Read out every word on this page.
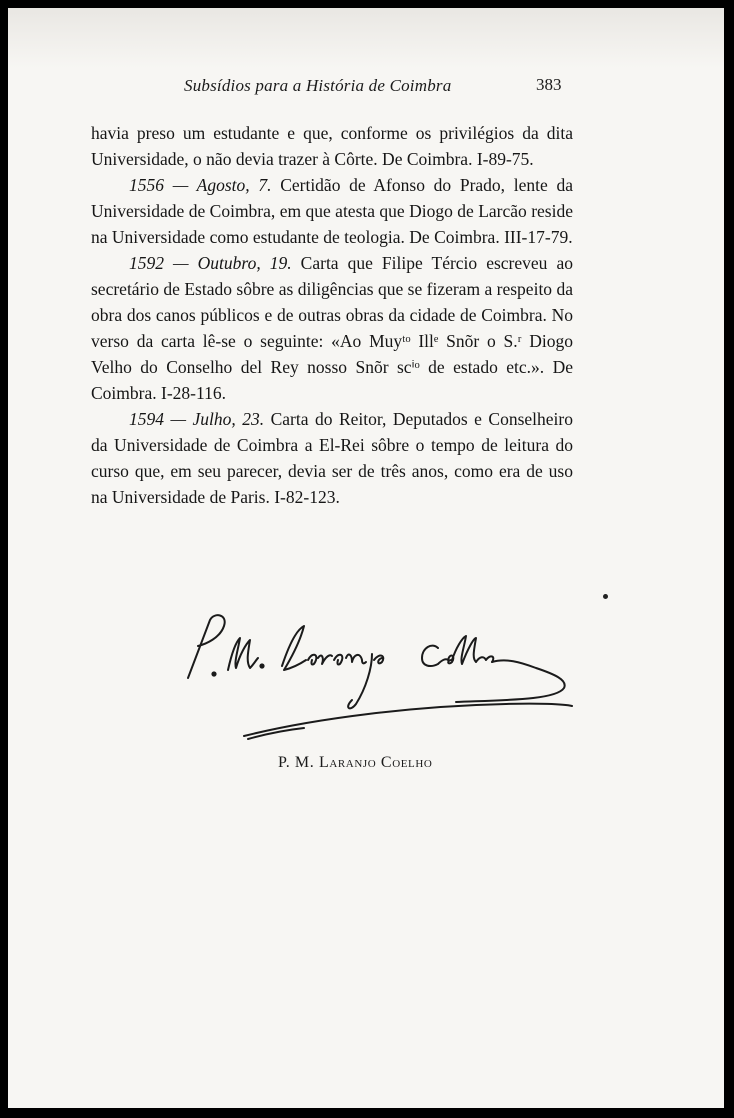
Subsídios para a História de Coimbra	383

havia preso um estudante e que, conforme os privilégios da dita Universidade, o não devia trazer à Côrte. De Coimbra. I-89-75.

1556 — Agosto, 7. Certidão de Afonso do Prado, lente da Universidade de Coimbra, em que atesta que Diogo de Larcão reside na Universidade como estudante de teologia. De Coimbra. III-17-79.

1592 — Outubro, 19. Carta que Filipe Tércio escreveu ao secretário de Estado sôbre as diligências que se fizeram a respeito da obra dos canos públicos e de outras obras da cidade de Coimbra. No verso da carta lê-se o seguinte: «Ao Muyᵗᵒ Illᵉ Snõr o S.ʳ Diogo Velho do Conselho del Rey nosso Snõr scⁱᵒ de estado etc.». De Coimbra. I-28-116.

1594 — Julho, 23. Carta do Reitor, Deputados e Conselheiro da Universidade de Coimbra a El-Rei sôbre o tempo de leitura do curso que, em seu parecer, devia ser de três anos, como era de uso na Universidade de Paris. I-82-123.

P. M. Laranjo Coelho
